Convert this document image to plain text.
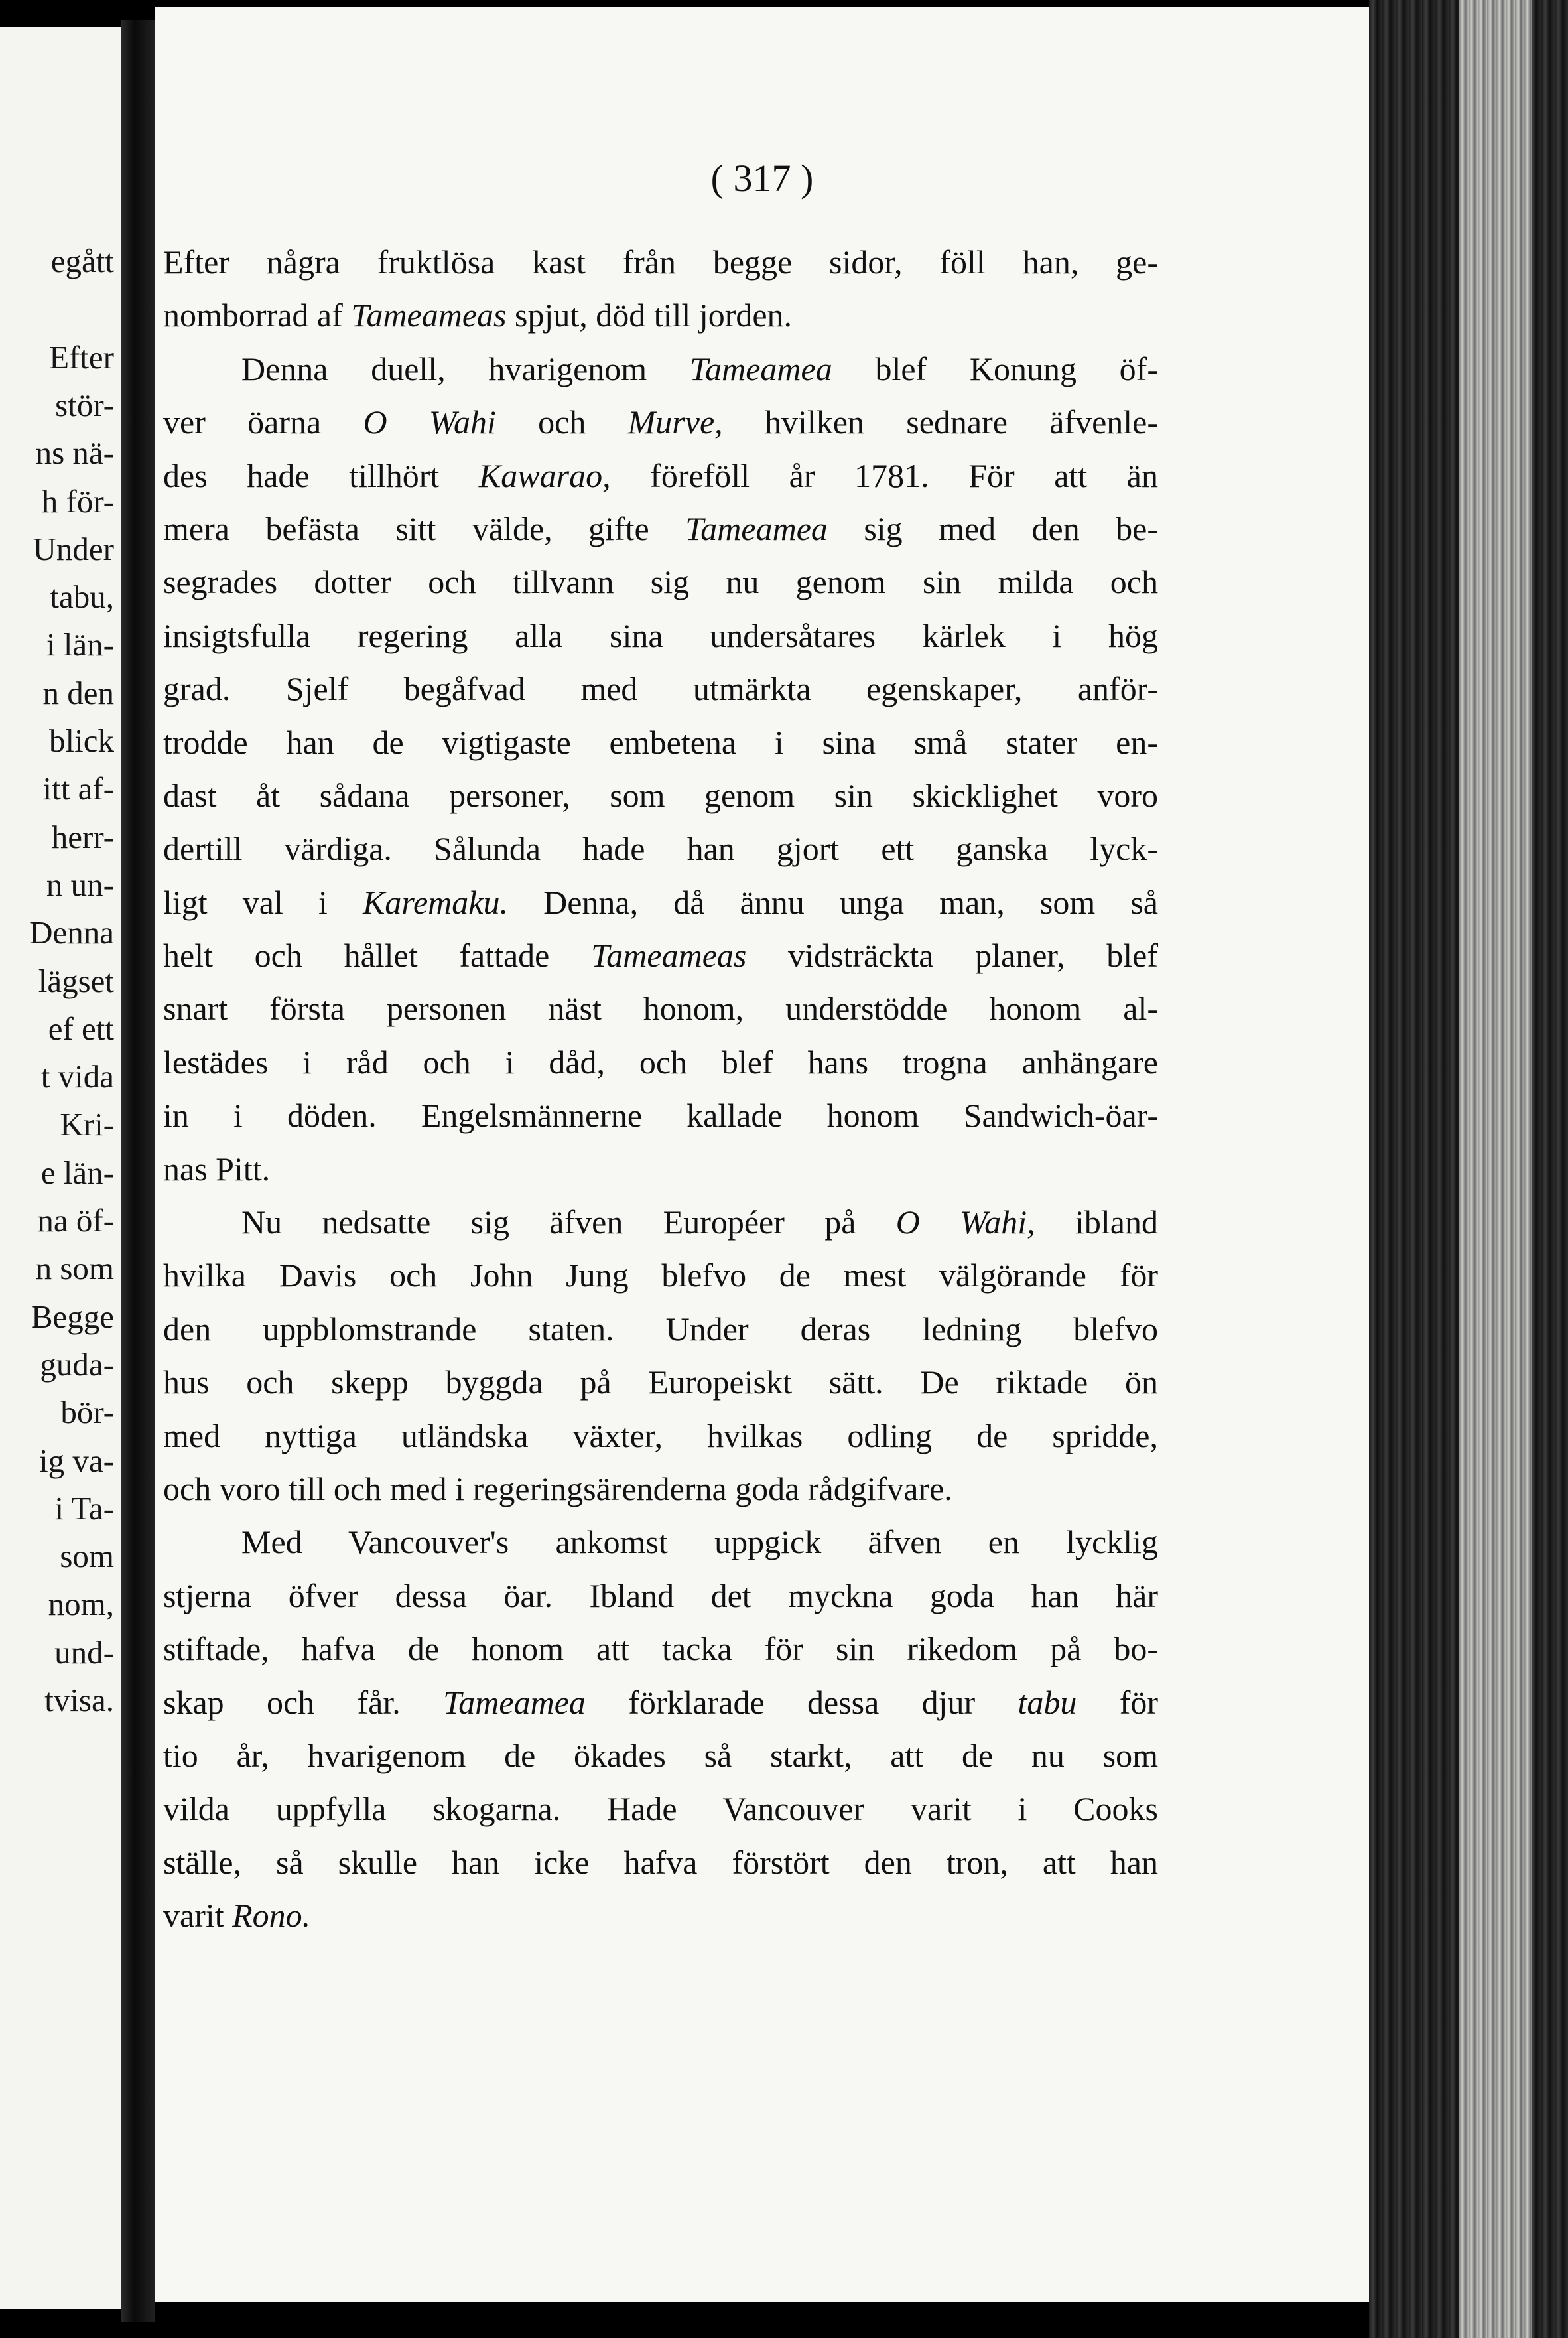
egått
Efter
stör-
ns nä-
h för-
Under
tabu,
i län-
n den
blick
itt af-
herr-
n un-
Denna
lägset
ef ett
t vida
Kri-
e län-
na öf-
n som
Begge
guda-
bör-
ig va-
i Ta-
som
nom,
und-
tvisa.
( 317 )
Efter några fruktlösa kast från begge sidor, föll han, ge-
nomborrad af Tameameas spjut, död till jorden.
Denna duell, hvarigenom Tameamea blef Konung öf-
ver öarna O Wahi och Murve, hvilken sednare äfvenle-
des hade tillhört Kawarao, föreföll år 1781. För att än
mera befästa sitt välde, gifte Tameamea sig med den be-
segrades dotter och tillvann sig nu genom sin milda och
insigtsfulla regering alla sina undersåtares kärlek i hög
grad. Sjelf begåfvad med utmärkta egenskaper, anför-
trodde han de vigtigaste embetena i sina små stater en-
dast åt sådana personer, som genom sin skicklighet voro
dertill värdiga. Sålunda hade han gjort ett ganska lyck-
ligt val i Karemaku. Denna, då ännu unga man, som så
helt och hållet fattade Tameameas vidsträckta planer, blef
snart första personen näst honom, understödde honom al-
lestädes i råd och i dåd, och blef hans trogna anhängare
in i döden. Engelsmännerne kallade honom Sandwich-öar-
nas Pitt.
Nu nedsatte sig äfven Européer på O Wahi, ibland
hvilka Davis och John Jung blefvo de mest välgörande för
den uppblomstrande staten. Under deras ledning blefvo
hus och skepp byggda på Europeiskt sätt. De riktade ön
med nyttiga utländska växter, hvilkas odling de spridde,
och voro till och med i regeringsärenderna goda rådgifvare.
Med Vancouver's ankomst uppgick äfven en lycklig
stjerna öfver dessa öar. Ibland det myckna goda han här
stiftade, hafva de honom att tacka för sin rikedom på bo-
skap och får. Tameamea förklarade dessa djur tabu för
tio år, hvarigenom de ökades så starkt, att de nu som
vilda uppfylla skogarna. Hade Vancouver varit i Cooks
ställe, så skulle han icke hafva förstört den tron, att han
varit Rono.
